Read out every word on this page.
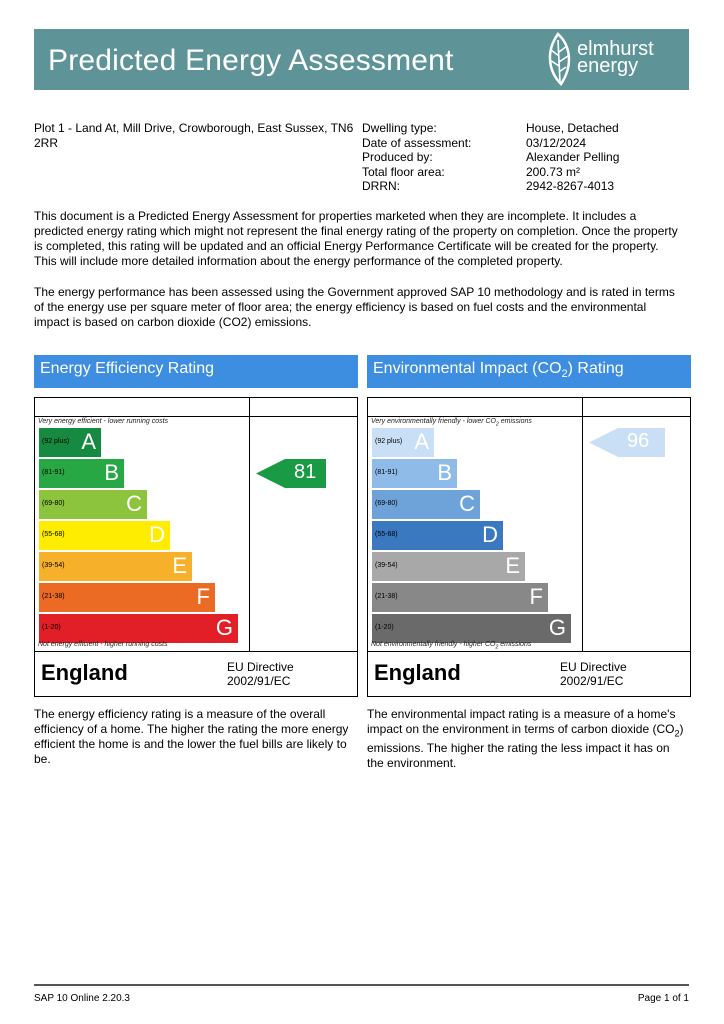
Predicted Energy Assessment	elmhurst
energy
Plot 1 - Land At, Mill Drive, Crowborough, East Sussex, TN6 2RR
Dwelling type:	House, Detached
Date of assessment:	03/12/2024
Produced by:	Alexander Pelling
Total floor area:	200.73 m²
DRRN:	2942-8267-4013
This document is a Predicted Energy Assessment for properties marketed when they are incomplete. It includes a predicted energy rating which might not represent the final energy rating of the property on completion. Once the property is completed, this rating will be updated and an official Energy Performance Certificate will be created for the property. This will include more detailed information about the energy performance of the completed property.
The energy performance has been assessed using the Government approved SAP 10 methodology and is rated in terms of the energy use per square meter of floor area; the energy efficiency is based on fuel costs and the environmental impact is based on carbon dioxide (CO2) emissions.
Energy Efficiency Rating
Very energy efficient - lower running costs
(92 plus) A
(81-91) B
(69-80)	C
(55-68)	D
(39-54)	E
(21-38)	F
(1-20)	G
Not energy efficient - higher running costs
81
England	EU Directive
2002/91/EC
Environmental Impact $(CO_2)$ Rating
Very environmentally friendly - lower $CO_2$ emissions
(92 plus) A
(81-91) B
(69-80)	C
(55-68)	D
(39-54)	E
(21-38)	F
(1-20)	G
Not environmentally friendly - higher $CO_2$ emissions
96
England	EU Directive
2002/91/EC
The energy efficiency rating is a measure of the overall efficiency of a home. The higher the rating the more energy efficient the home is and the lower the fuel bills are likely to be.
The environmental impact rating is a measure of a home's impact on the environment in terms of carbon dioxide $(CO_2)$ emissions. The higher the rating the less impact it has on the environment.
SAP 10 Online 2.20.3	Page 1 of 1
